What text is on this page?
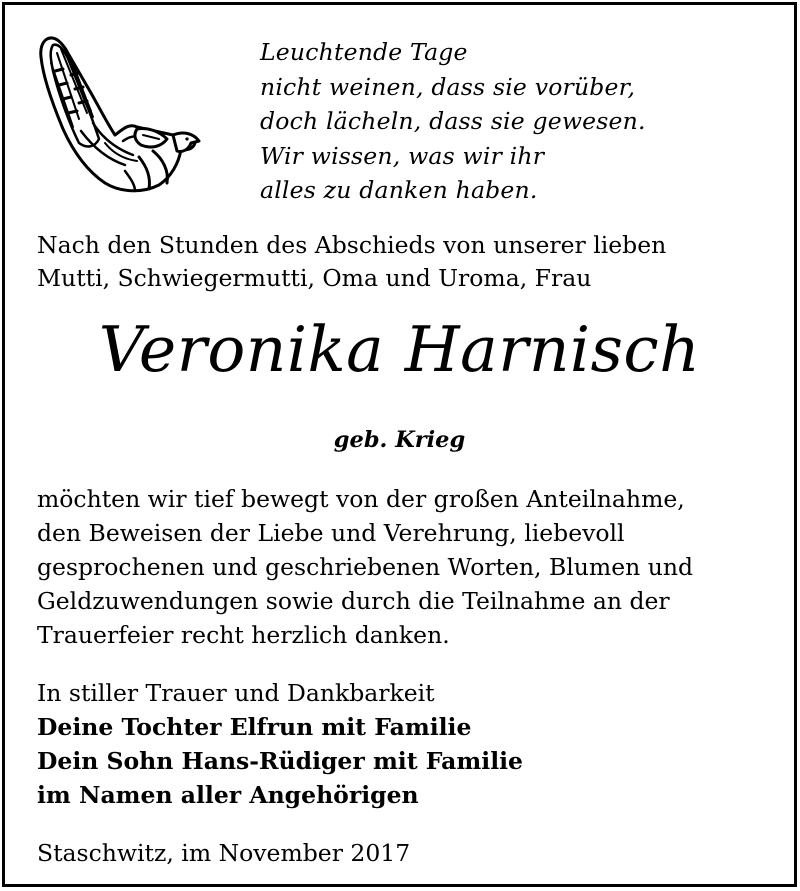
Leuchtende Tage
nicht weinen, dass sie vorüber,
doch lächeln, dass sie gewesen.
Wir wissen, was wir ihr
alles zu danken haben.
Nach den Stunden des Abschieds von unserer lieben
Mutti, Schwiegermutti, Oma und Uroma, Frau
Veronika Harnisch
geb. Krieg
möchten wir tief bewegt von der großen Anteilnahme,
den Beweisen der Liebe und Verehrung, liebevoll
gesprochenen und geschriebenen Worten, Blumen und
Geldzuwendungen sowie durch die Teilnahme an der
Trauerfeier recht herzlich danken.
In stiller Trauer und Dankbarkeit
Deine Tochter Elfrun mit Familie
Dein Sohn Hans-Rüdiger mit Familie
im Namen aller Angehörigen
Staschwitz, im November 2017
